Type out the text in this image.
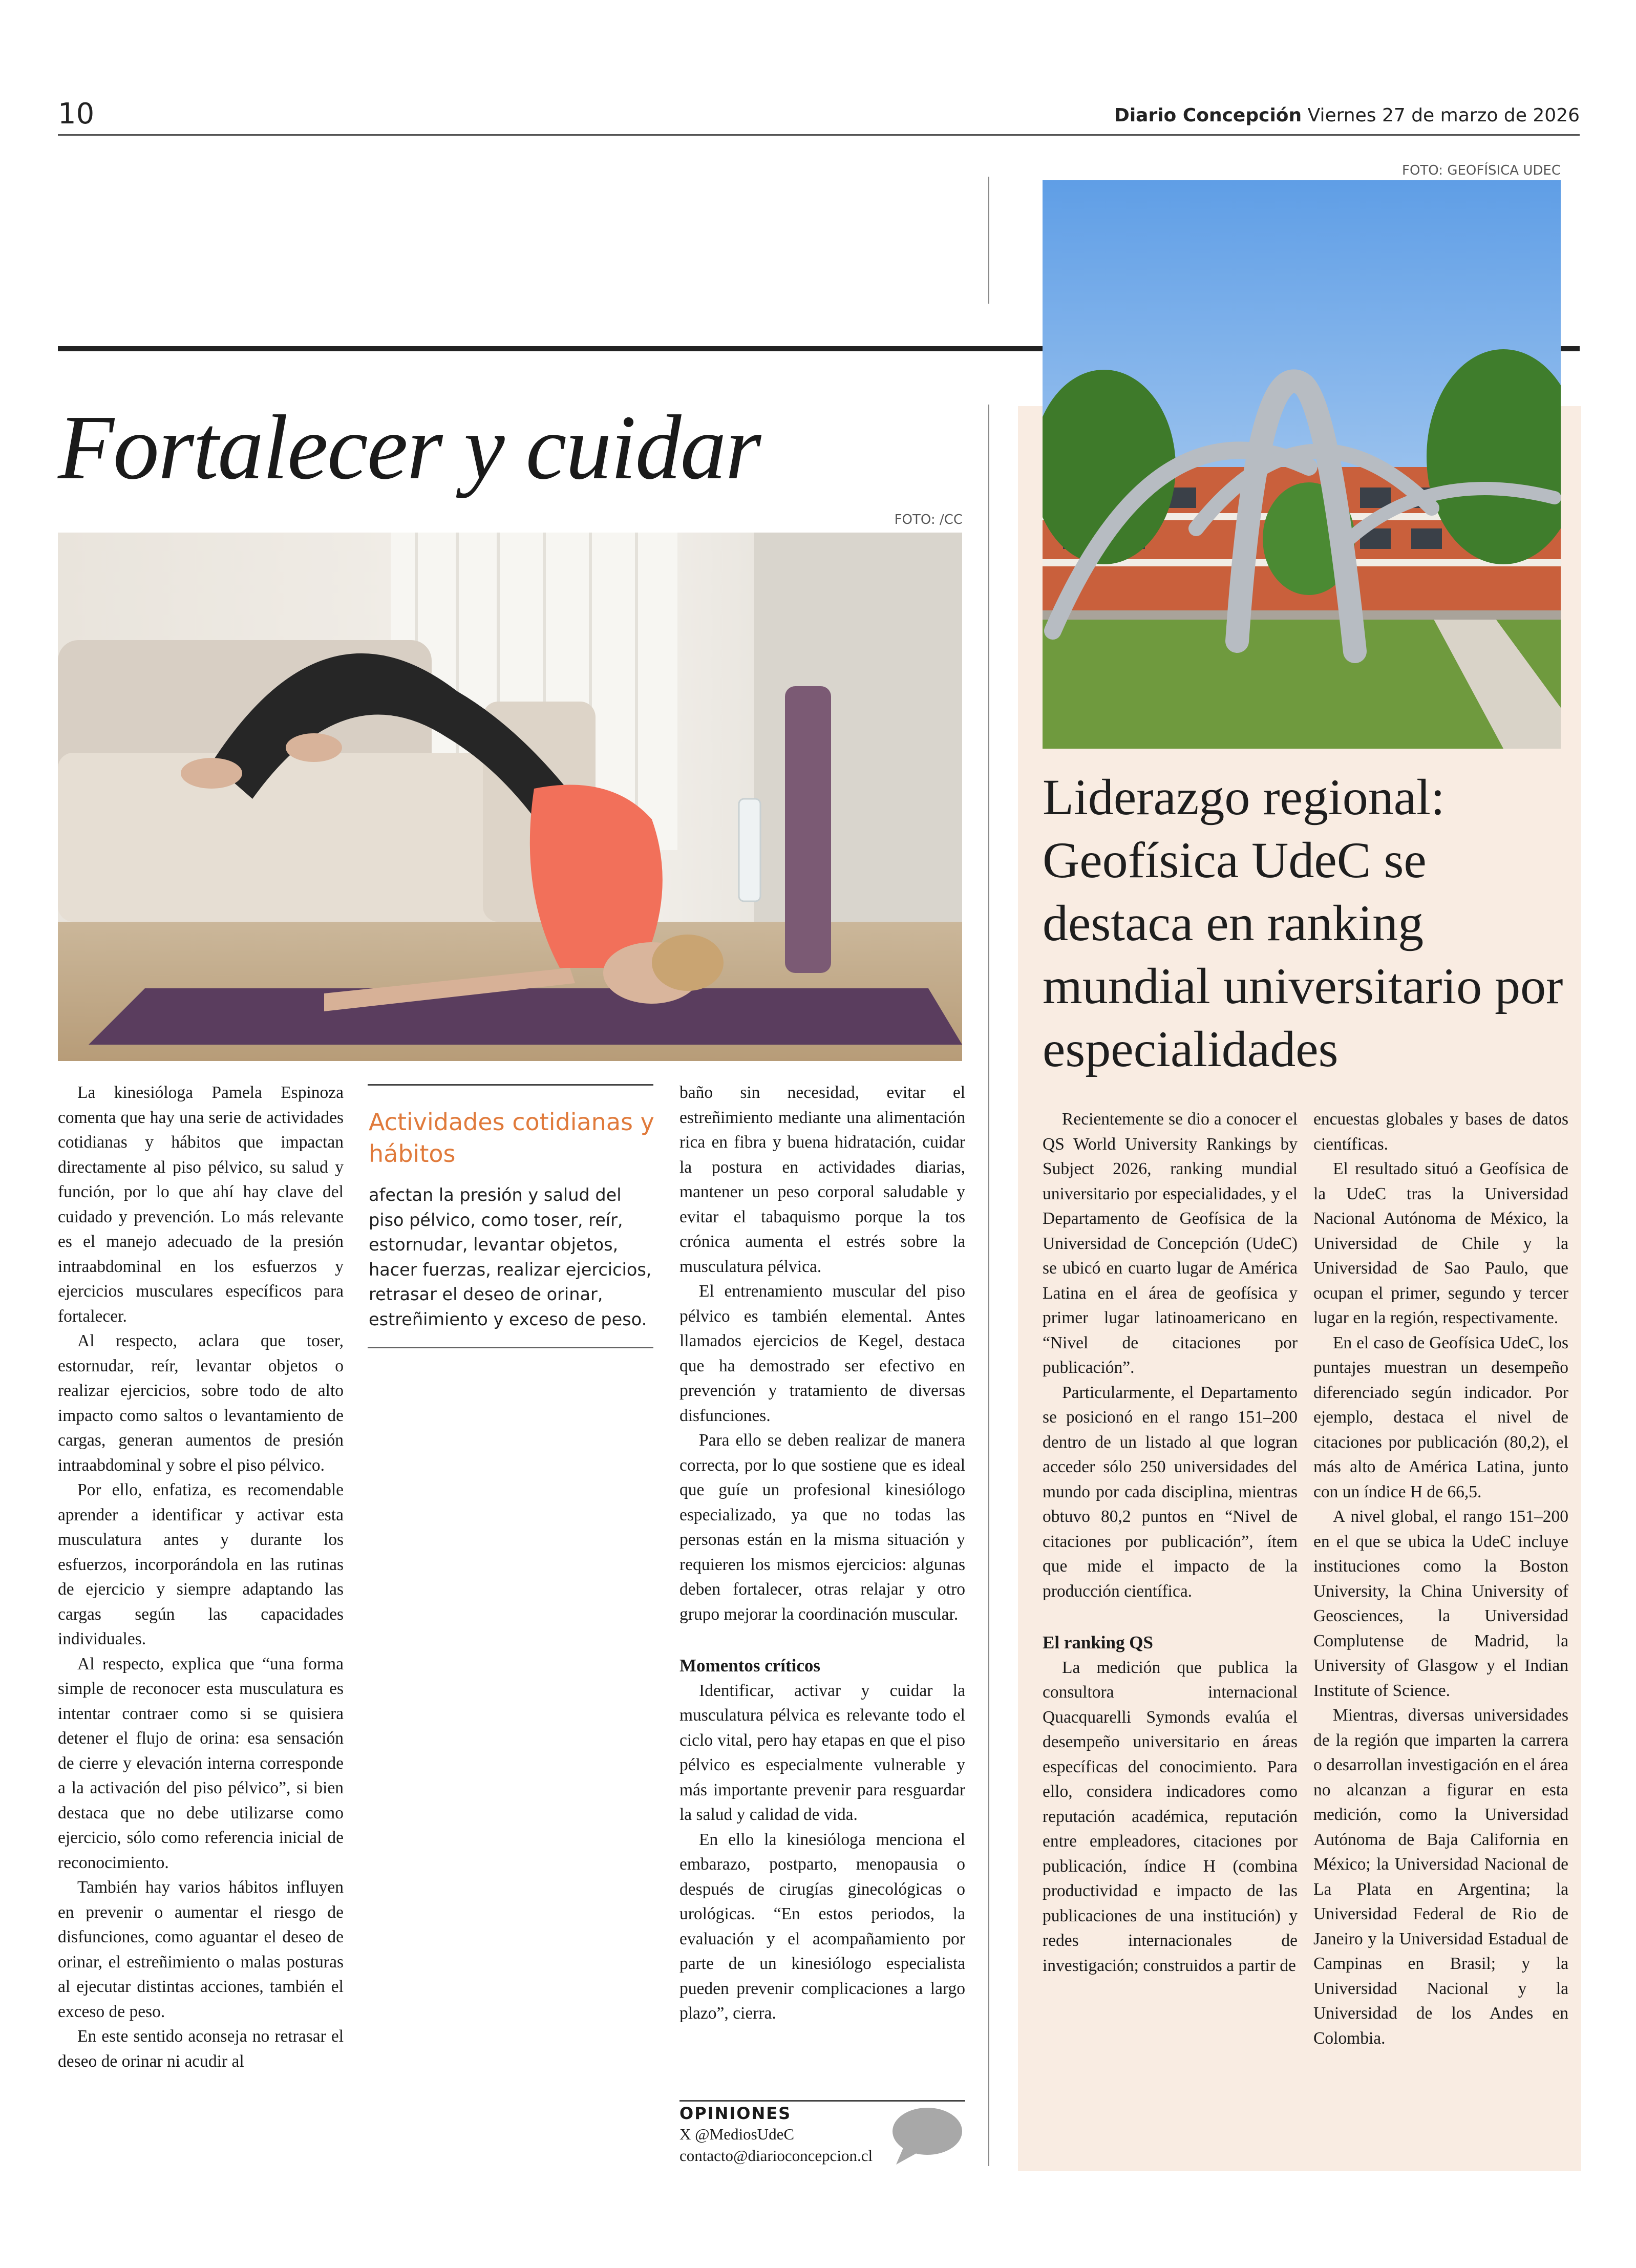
10	Diario Concepción Viernes 27 de marzo de 2026
Fortalecer y cuidar
FOTO: /CC

La kinesióloga Pamela Espinoza comenta que hay una serie de actividades cotidianas y hábitos que impactan directamente al piso pélvico, su salud y función, por lo que ahí hay clave del cuidado y prevención. Lo más relevante es el manejo adecuado de la presión intraabdominal en los esfuerzos y ejercicios musculares específicos para fortalecer.

Al respecto, aclara que toser, estornudar, reír, levantar objetos o realizar ejercicios, sobre todo de alto impacto como saltos o levantamiento de cargas, generan aumentos de presión intraabdominal y sobre el piso pélvico.

Por ello, enfatiza, es recomendable aprender a identificar y activar esta musculatura antes y durante los esfuerzos, incorporándola en las rutinas de ejercicio y siempre adaptando las cargas según las capacidades individuales.

Al respecto, explica que “una forma simple de reconocer esta musculatura es intentar contraer como si se quisiera detener el flujo de orina: esa sensación de cierre y elevación interna corresponde a la activación del piso pélvico”, si bien destaca que no debe utilizarse como ejercicio, sólo como referencia inicial de reconocimiento.

También hay varios hábitos influyen en prevenir o aumentar el riesgo de disfunciones, como aguantar el deseo de orinar, el estreñimiento o malas posturas al ejecutar distintas acciones, también el exceso de peso.

En este sentido aconseja no retrasar el deseo de orinar ni acudir al

Actividades cotidianas y hábitos
afectan la presión y salud del piso pélvico, como toser, reír, estornudar, levantar objetos, hacer fuerzas, realizar ejercicios, retrasar el deseo de orinar, estreñimiento y exceso de peso.

baño sin necesidad, evitar el estreñimiento mediante una alimentación rica en fibra y buena hidratación, cuidar la postura en actividades diarias, mantener un peso corporal saludable y evitar el tabaquismo porque la tos crónica aumenta el estrés sobre la musculatura pélvica.

El entrenamiento muscular del piso pélvico es también elemental. Antes llamados ejercicios de Kegel, destaca que ha demostrado ser efectivo en prevención y tratamiento de diversas disfunciones.

Para ello se deben realizar de manera correcta, por lo que sostiene que es ideal que guíe un profesional kinesiólogo especializado, ya que no todas las personas están en la misma situación y requieren los mismos ejercicios: algunas deben fortalecer, otras relajar y otro grupo mejorar la coordinación muscular.

Momentos críticos

Identificar, activar y cuidar la musculatura pélvica es relevante todo el ciclo vital, pero hay etapas en que el piso pélvico es especialmente vulnerable y más importante prevenir para resguardar la salud y calidad de vida.

En ello la kinesióloga menciona el embarazo, postparto, menopausia o después de cirugías ginecológicas o urológicas. “En estos periodos, la evaluación y el acompañamiento por parte de un kinesiólogo especialista pueden prevenir complicaciones a largo plazo”, cierra.

OPINIONES
X @MediosUdeC
contacto@diarioconcepcion.cl
FOTO: GEOFÍSICA UDEC
Liderazgo regional: Geofísica UdeC se destaca en ranking mundial universitario por especialidades

Recientemente se dio a conocer el QS World University Rankings by Subject 2026, ranking mundial universitario por especialidades, y el Departamento de Geofísica de la Universidad de Concepción (UdeC) se ubicó en cuarto lugar de América Latina en el área de geofísica y primer lugar latinoamericano en “Nivel de citaciones por publicación”.

Particularmente, el Departamento se posicionó en el rango 151–200 dentro de un listado al que logran acceder sólo 250 universidades del mundo por cada disciplina, mientras obtuvo 80,2 puntos en “Nivel de citaciones por publicación”, ítem que mide el impacto de la producción científica.

El ranking QS

La medición que publica la consultora internacional Quacquarelli Symonds evalúa el desempeño universitario en áreas específicas del conocimiento. Para ello, considera indicadores como reputación académica, reputación entre empleadores, citaciones por publicación, índice H (combina productividad e impacto de las publicaciones de una institución) y redes internacionales de investigación; construidos a partir de

encuestas globales y bases de datos científicas.

El resultado situó a Geofísica de la UdeC tras la Universidad Nacional Autónoma de México, la Universidad de Chile y la Universidad de Sao Paulo, que ocupan el primer, segundo y tercer lugar en la región, respectivamente.

En el caso de Geofísica UdeC, los puntajes muestran un desempeño diferenciado según indicador. Por ejemplo, destaca el nivel de citaciones por publicación (80,2), el más alto de América Latina, junto con un índice H de 66,5.

A nivel global, el rango 151–200 en el que se ubica la UdeC incluye instituciones como la Boston University, la China University of Geosciences, la Universidad Complutense de Madrid, la University of Glasgow y el Indian Institute of Science.

Mientras, diversas universidades de la región que imparten la carrera o desarrollan investigación en el área no alcanzan a figurar en esta medición, como la Universidad Autónoma de Baja California en México; la Universidad Nacional de La Plata en Argentina; la Universidad Federal de Rio de Janeiro y la Universidad Estadual de Campinas en Brasil; y la Universidad Nacional y la Universidad de los Andes en Colombia.
